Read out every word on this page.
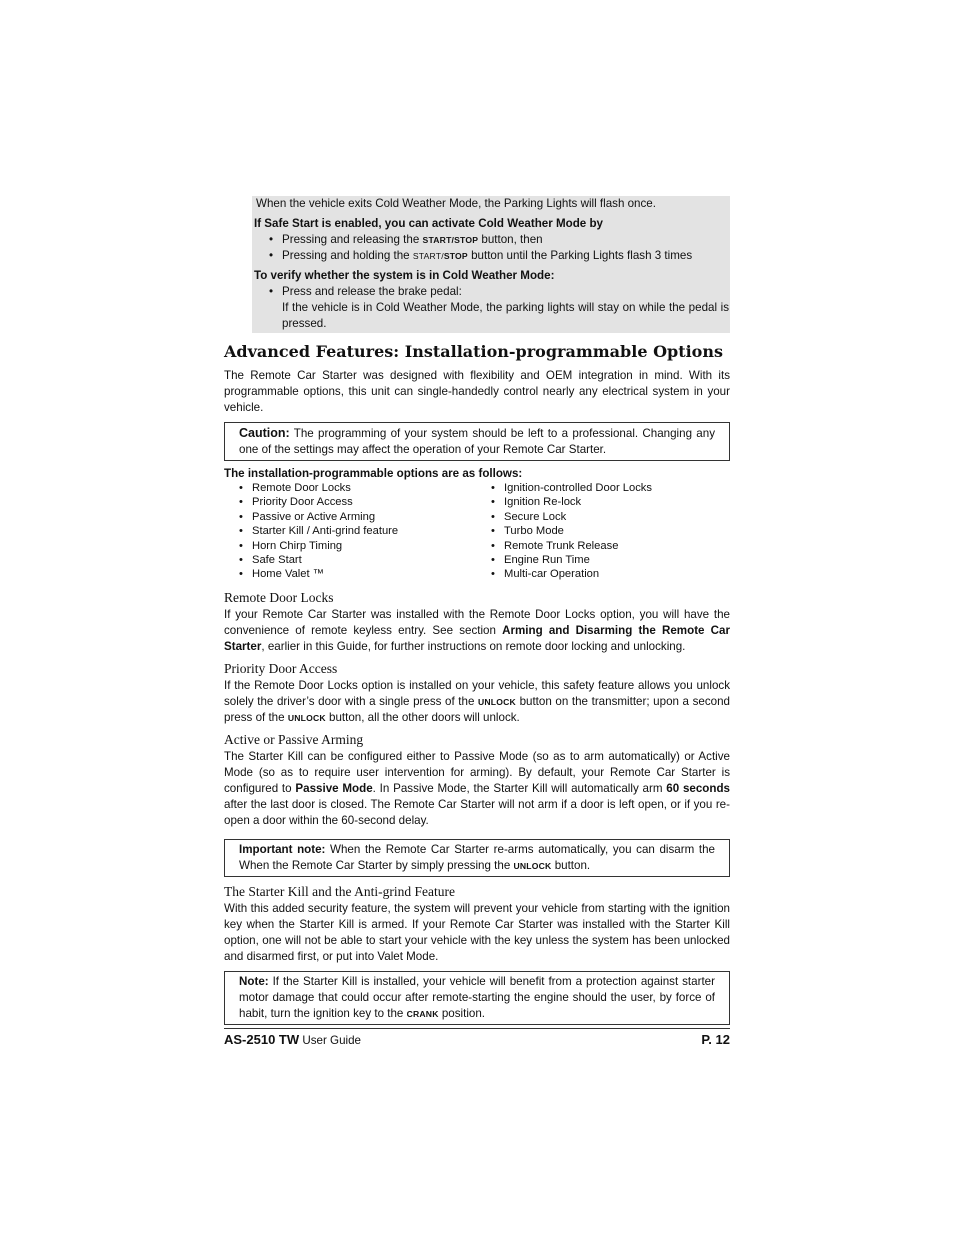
When the vehicle exits Cold Weather Mode, the Parking Lights will flash once.

If Safe Start is enabled, you can activate Cold Weather Mode by

• Pressing and releasing the START/STOP button, then
• Pressing and holding the START/STOP button until the Parking Lights flash 3 times

To verify whether the system is in Cold Weather Mode:

• Press and release the brake pedal:

If the vehicle is in Cold Weather Mode, the parking lights will stay on while the pedal is pressed.
Advanced Features: Installation-programmable Options

The Remote Car Starter was designed with flexibility and OEM integration in mind. With its programmable options, this unit can single-handedly control nearly any electrical system in your vehicle.

Caution: The programming of your system should be left to a professional. Changing any one of the settings may affect the operation of your Remote Car Starter.

The installation-programmable options are as follows:

• Remote Door Locks
• Priority Door Access
• Passive or Active Arming
• Starter Kill / Anti-grind feature
• Horn Chirp Timing
• Safe Start
• Home Valet ™
• Ignition-controlled Door Locks
• Ignition Re-lock
• Secure Lock
• Turbo Mode
• Remote Trunk Release
• Engine Run Time
• Multi-car Operation
Remote Door Locks

If your Remote Car Starter was installed with the Remote Door Locks option, you will have the convenience of remote keyless entry. See section Arming and Disarming the Remote Car Starter, earlier in this Guide, for further instructions on remote door locking and unlocking.

Priority Door Access

If the Remote Door Locks option is installed on your vehicle, this safety feature allows you unlock solely the driver’s door with a single press of the UNLOCK button on the transmitter; upon a second press of the UNLOCK button, all the other doors will unlock.

Active or Passive Arming

The Starter Kill can be configured either to Passive Mode (so as to arm automatically) or Active Mode (so as to require user intervention for arming). By default, your Remote Car Starter is configured to Passive Mode. In Passive Mode, the Starter Kill will automatically arm 60 seconds after the last door is closed. The Remote Car Starter will not arm if a door is left open, or if you re-open a door within the 60-second delay.

Important note: When the Remote Car Starter re-arms automatically, you can disarm the When the Remote Car Starter by simply pressing the UNLOCK button.

The Starter Kill and the Anti-grind Feature

With this added security feature, the system will prevent your vehicle from starting with the ignition key when the Starter Kill is armed. If your Remote Car Starter was installed with the Starter Kill option, one will not be able to start your vehicle with the key unless the system has been unlocked and disarmed first, or put into Valet Mode.

Note: If the Starter Kill is installed, your vehicle will benefit from a protection against starter motor damage that could occur after remote-starting the engine should the user, by force of habit, turn the ignition key to the CRANK position.

AS-2510 TW User Guide	P. 12
